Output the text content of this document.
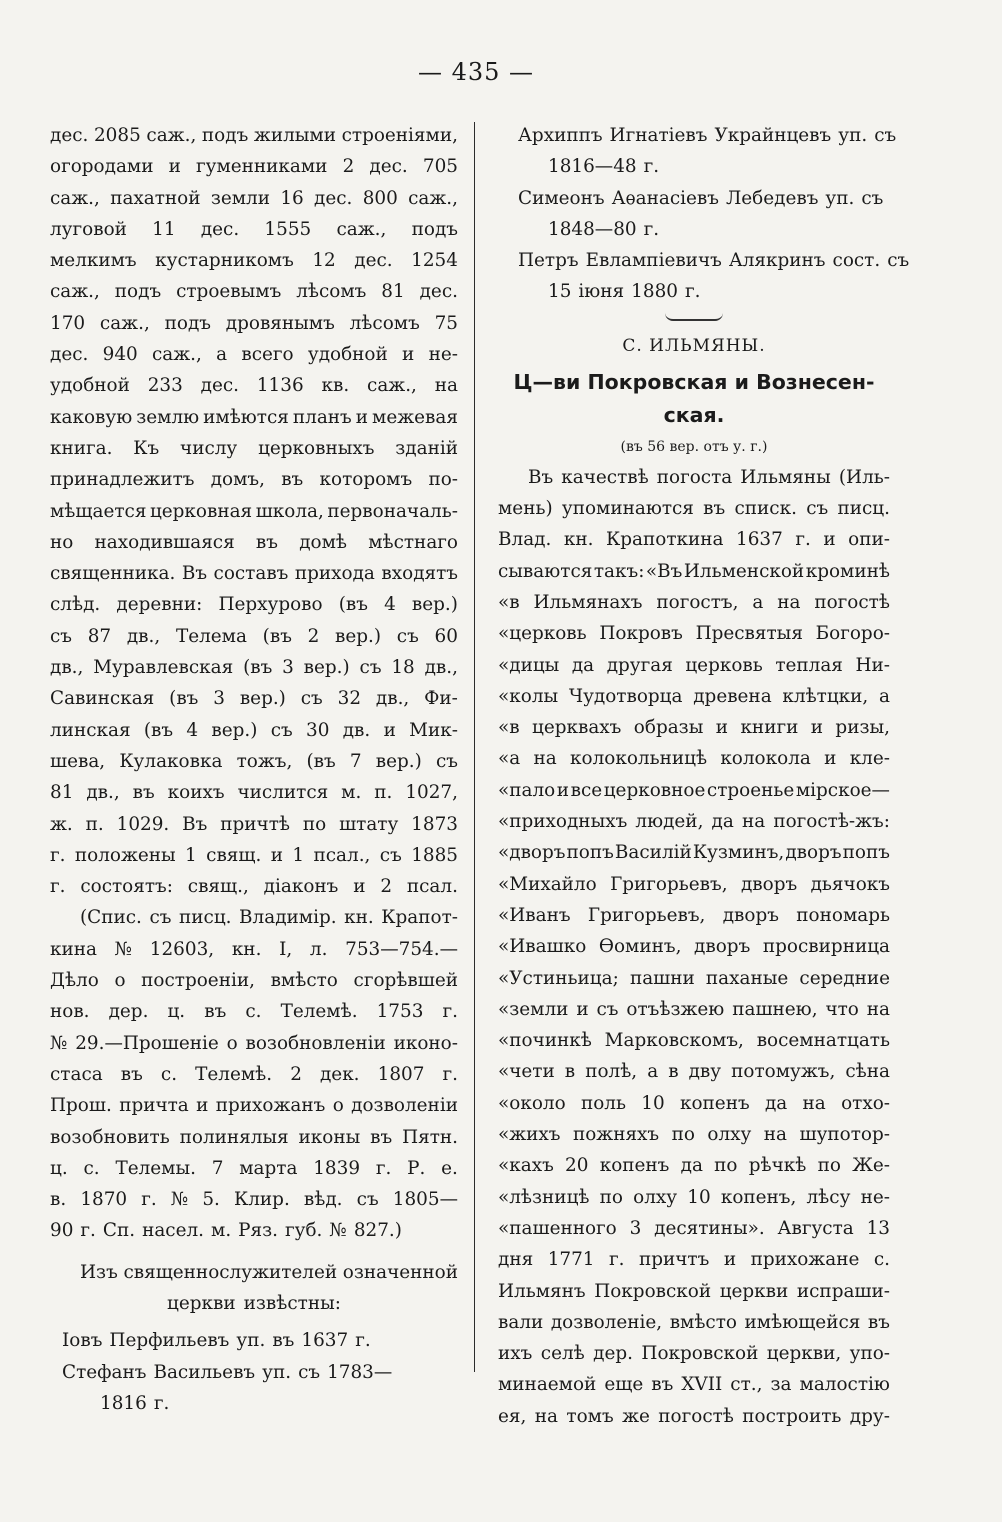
— 435 —
дес. 2085 саж., подъ жилыми строеніями,
огородами и гуменниками 2 дес. 705
саж., пахатной земли 16 дес. 800 саж.,
луговой 11 дес. 1555 саж., подъ
мелкимъ кустарникомъ 12 дес. 1254
саж., подъ строевымъ лѣсомъ 81 дес.
170 саж., подъ дровянымъ лѣсомъ 75
дес. 940 саж., а всего удобной и не-
удобной 233 дес. 1136 кв. саж., на
каковую землю имѣются планъ и межевая
книга. Къ числу церковныхъ зданій
принадлежитъ домъ, въ которомъ по-
мѣщается церковная школа, первоначаль-
но находившаяся въ домѣ мѣстнаго
священника. Въ составъ прихода входятъ
слѣд. деревни: Перхурово (въ 4 вер.)
съ 87 дв., Телема (въ 2 вер.) съ 60
дв., Муравлевская (въ 3 вер.) съ 18 дв.,
Савинская (въ 3 вер.) съ 32 дв., Фи-
линская (въ 4 вер.) съ 30 дв. и Мик-
шева, Кулаковка тожъ, (въ 7 вер.) съ
81 дв., въ коихъ числится м. п. 1027,
ж. п. 1029. Въ причтѣ по штату 1873
г. положены 1 свящ. и 1 псал., съ 1885
г. состоятъ: свящ., діаконъ и 2 псал.
(Спис. съ писц. Владимір. кн. Крапот-
кина № 12603, кн. I, л. 753—754.—
Дѣло о построеніи, вмѣсто сгорѣвшей
нов. дер. ц. въ с. Телемѣ. 1753 г.
№ 29.—Прошеніе о возобновленіи иконо-
стаса въ с. Телемѣ. 2 дек. 1807 г.
Прош. причта и прихожанъ о дозволеніи
возобновить полинялыя иконы въ Пятн.
ц. с. Телемы. 7 марта 1839 г. Р. е.
в. 1870 г. № 5. Клир. вѣд. съ 1805—
90 г. Сп. насел. м. Ряз. губ. № 827.)
Изъ священнослужителей означенной
церкви извѣстны:
Іовъ Перфильевъ уп. въ 1637 г.
Стефанъ Васильевъ уп. съ 1783—
1816 г.
Архиппъ Игнатіевъ Украйнцевъ уп. съ
1816—48 г.
Симеонъ Аѳанасіевъ Лебедевъ уп. съ
1848—80 г.
Петръ Евлампіевичъ Алякринъ сост. съ
15 іюня 1880 г.
С. ИЛЬМЯНЫ.
Ц—ви Покровская и Вознесен-
ская.
(въ 56 вер. отъ у. г.)
Въ качествѣ погоста Ильмяны (Иль-
мень) упоминаются въ списк. съ писц.
Влад. кн. Крапоткина 1637 г. и опи-
сываются такъ: «Въ Ильменской кроминѣ
«в Ильмянахъ погостъ, а на погостѣ
«церковь Покровъ Пресвятыя Богоро-
«дицы да другая церковь теплая Ни-
«колы Чудотворца древена клѣтцки, а
«в церквахъ образы и книги и ризы,
«а на колокольницѣ колокола и кле-
«пало и все церковное строенье мірское—
«приходныхъ людей, да на погостѣ-жъ:
«дворъ попъ Василій Кузминъ, дворъ попъ
«Михайло Григорьевъ, дворъ дьячокъ
«Иванъ Григорьевъ, дворъ пономарь
«Ивашко Ѳоминъ, дворъ просвирница
«Устиньица; пашни паханые середние
«земли и съ отъѣзжею пашнею, что на
«починкѣ Марковскомъ, восемнатцать
«чети в полѣ, а в дву потомужъ, сѣна
«около поль 10 копенъ да на отхо-
«жихъ пожняхъ по олху на шупотор-
«кахъ 20 копенъ да по рѣчкѣ по Же-
«лѣзницѣ по олху 10 копенъ, лѣсу не-
«пашенного 3 десятины». Августа 13
дня 1771 г. причтъ и прихожане с.
Ильмянъ Покровской церкви испраши-
вали дозволеніе, вмѣсто имѣющейся въ
ихъ селѣ дер. Покровской церкви, упо-
минаемой еще въ XVII ст., за малостію
ея, на томъ же погостѣ построить дру-
